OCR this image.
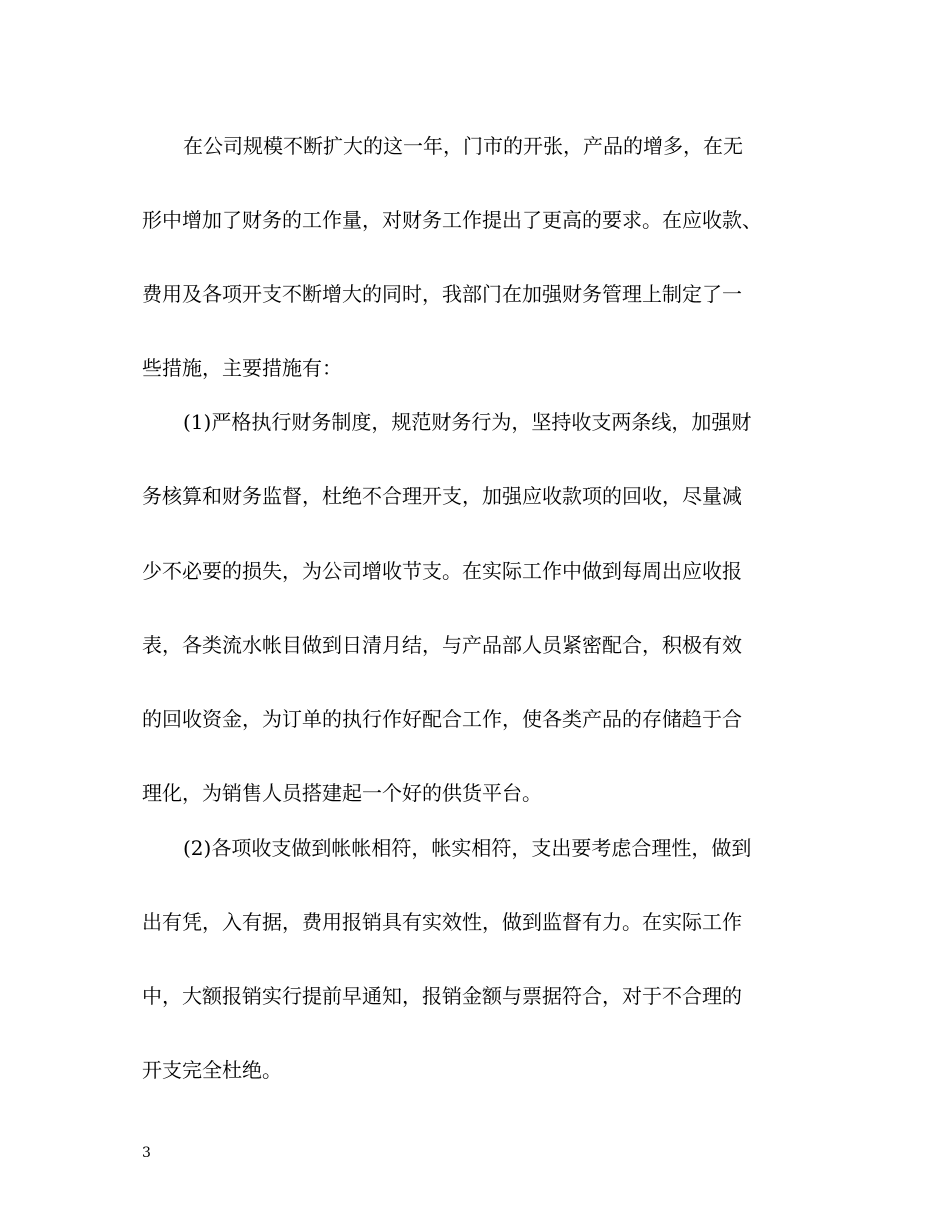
在公司规模不断扩大的这一年，门市的开张，产品的增多，在无
形中增加了财务的工作量，对财务工作提出了更高的要求。在应收款、
费用及各项开支不断增大的同时，我部门在加强财务管理上制定了一
些措施，主要措施有：
(1)严格执行财务制度，规范财务行为，坚持收支两条线，加强财
务核算和财务监督，杜绝不合理开支，加强应收款项的回收，尽量减
少不必要的损失，为公司增收节支。在实际工作中做到每周出应收报
表，各类流水帐目做到日清月结，与产品部人员紧密配合，积极有效
的回收资金，为订单的执行作好配合工作，使各类产品的存储趋于合
理化，为销售人员搭建起一个好的供货平台。
(2)各项收支做到帐帐相符，帐实相符，支出要考虑合理性，做到
出有凭，入有据，费用报销具有实效性，做到监督有力。在实际工作
中，大额报销实行提前早通知，报销金额与票据符合，对于不合理的
开支完全杜绝。
3
